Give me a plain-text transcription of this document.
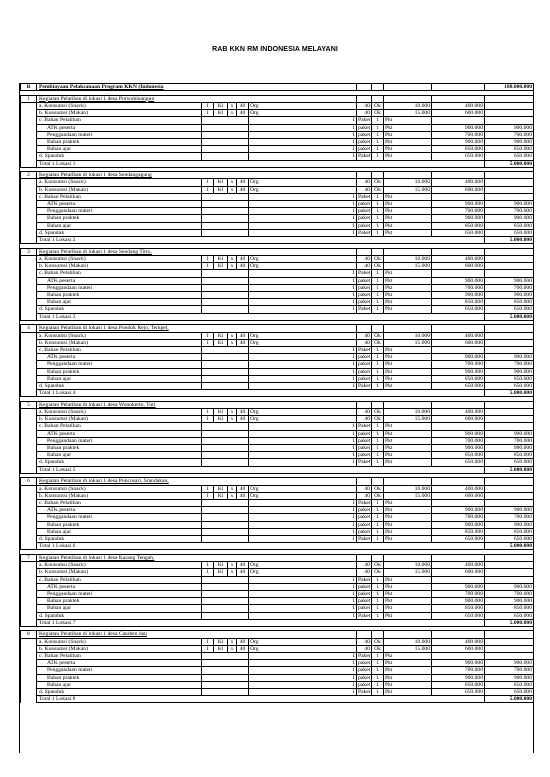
RAB KKN RM INDONESIA MELAYANI
B	Pembiayaan Pelaksanaan Program KKN (Indonesia										180.000.000

1	Kegiatan Pelatihan di lokasi 1 desa Purwobinangun										
	a. Konsumsi (Snack)	1	Kl	x	40	Org	40	Ok	10.000	400.000	
	b. Konsumsi (Makan)	1	Kl	x	40	Org	40	Ok	15.000	600.000	
	c. Bahan Pelatihan					1	Paket	1	Pkt		
	ATK peserta					1	paket	1	Pkt	900.000	900.000
	Penggandaan materi					1	paket	1	Pkt	700.000	700.000
	Bahan praktek					1	paket	1	Pkt	900.000	900.000
	Bahan ajar					1	paket	1	Pkt	850.000	850.000
	d. Spanduk					1	Paket	1	Pkt	650.000	650.000
	Total 1 Lokasi 1										5.000.000

2	Kegiatan Pelatihan di lokasi 1 desa Sendangagung										
	a. Konsumsi (Snack)	1	Kl	x	40	Org	40	Ok	10.000	400.000	
	b. Konsumsi (Makan)	1	Kl	x	40	Org	40	Ok	15.000	600.000	
	c. Bahan Pelatihan					1	Paket	1	Pkt		
	ATK peserta					1	paket	1	Pkt	900.000	900.000
	Penggandaan materi					1	paket	1	Pkt	700.000	700.000
	Bahan praktek					1	paket	1	Pkt	900.000	900.000
	Bahan ajar					1	paket	1	Pkt	850.000	850.000
	d. Spanduk					1	Paket	1	Pkt	650.000	650.000
	Total 1 Lokasi 2										5.000.000

3	Kegiatan Pelatihan di lokasi 1 desa Sendang Tirto,										
	a. Konsumsi (Snack)	1	Kl	x	40	Org	40	Ok	10.000	400.000	
	b. Konsumsi (Makan)	1	Kl	x	40	Org	40	Ok	15.000	600.000	
	c. Bahan Pelatihan					1	Paket	1	Pkt		
	ATK peserta					1	paket	1	Pkt	900.000	900.000
	Penggandaan materi					1	paket	1	Pkt	700.000	700.000
	Bahan praktek					1	paket	1	Pkt	900.000	900.000
	Bahan ajar					1	paket	1	Pkt	850.000	850.000
	d. Spanduk					1	Paket	1	Pkt	650.000	650.000
	Total 1 Lokasi 3										5.000.000

4	Kegiatan Pelatihan di lokasi 1 desa Pondok Rejo, Tempel,										
	a. Konsumsi (Snack)	1	Kl	x	40	Org	40	Ok	10.000	400.000	
	b. Konsumsi (Makan)	1	Kl	x	40	Org	40	Ok	15.000	600.000	
	c. Bahan Pelatihan					1	Paket	1	Pkt		
	ATK peserta					1	paket	1	Pkt	900.000	900.000
	Penggandaan materi					1	paket	1	Pkt	700.000	700.000
	Bahan praktek					1	paket	1	Pkt	900.000	900.000
	Bahan ajar					1	paket	1	Pkt	850.000	850.000
	d. Spanduk					1	Paket	1	Pkt	650.000	650.000
	Total 1 Lokasi 4										5.000.000

5	Kegiatan Pelatihan di lokasi 1 desa Wonokerto, Turi										
	a. Konsumsi (Snack)	1	Kl	x	40	Org	40	Ok	10.000	400.000	
	b. Konsumsi (Makan)	1	Kl	x	40	Org	40	Ok	15.000	600.000	
	c. Bahan Pelatihan					1	Paket	1	Pkt		
	ATK peserta					1	paket	1	Pkt	900.000	900.000
	Penggandaan materi					1	paket	1	Pkt	700.000	700.000
	Bahan praktek					1	paket	1	Pkt	900.000	900.000
	Bahan ajar					1	paket	1	Pkt	850.000	850.000
	d. Spanduk					1	Paket	1	Pkt	650.000	650.000
	Total 1 Lokasi 5										5.000.000

6	Kegiatan Pelatihan di lokasi 1 desa Poncosari, Srandakan,										
	a. Konsumsi (Snack)	1	Kl	x	40	Org	40	Ok	10.000	400.000	
	b. Konsumsi (Makan)	1	Kl	x	40	Org	40	Ok	15.000	600.000	
	c. Bahan Pelatihan					1	Paket	1	Pkt		
	ATK peserta					1	paket	1	Pkt	900.000	900.000
	Penggandaan materi					1	paket	1	Pkt	700.000	700.000
	Bahan praktek					1	paket	1	Pkt	900.000	900.000
	Bahan ajar					1	paket	1	Pkt	850.000	850.000
	d. Spanduk					1	Paket	1	Pkt	650.000	650.000
	Total 1 Lokasi 6										5.000.000

7	Kegiatan Pelatihan di lokasi 1 desa Karang Tengah,										
	a. Konsumsi (Snack)	1	Kl	x	40	Org	40	Ok	10.000	400.000	
	b. Konsumsi (Makan)	1	Kl	x	40	Org	40	Ok	15.000	600.000	
	c. Bahan Pelatihan					1	Paket	1	Pkt		
	ATK peserta					1	paket	1	Pkt	900.000	900.000
	Penggandaan materi					1	paket	1	Pkt	700.000	700.000
	Bahan praktek					1	paket	1	Pkt	900.000	900.000
	Bahan ajar					1	paket	1	Pkt	850.000	850.000
	d. Spanduk					1	Paket	1	Pkt	650.000	650.000
	Total 1 Lokasi 7										5.000.000

8	Kegiatan Pelatihan di lokasi 1 desa Candem dan										
	a. Konsumsi (Snack)	1	Kl	x	40	Org	40	Ok	10.000	400.000	
	b. Konsumsi (Makan)	1	Kl	x	40	Org	40	Ok	15.000	600.000	
	c. Bahan Pelatihan					1	Paket	1	Pkt		
	ATK peserta					1	paket	1	Pkt	900.000	900.000
	Penggandaan materi					1	paket	1	Pkt	700.000	700.000
	Bahan praktek					1	paket	1	Pkt	900.000	900.000
	Bahan ajar					1	paket	1	Pkt	850.000	850.000
	d. Spanduk					1	Paket	1	Pkt	650.000	650.000
	Total 1 Lokasi 8										5.000.000
